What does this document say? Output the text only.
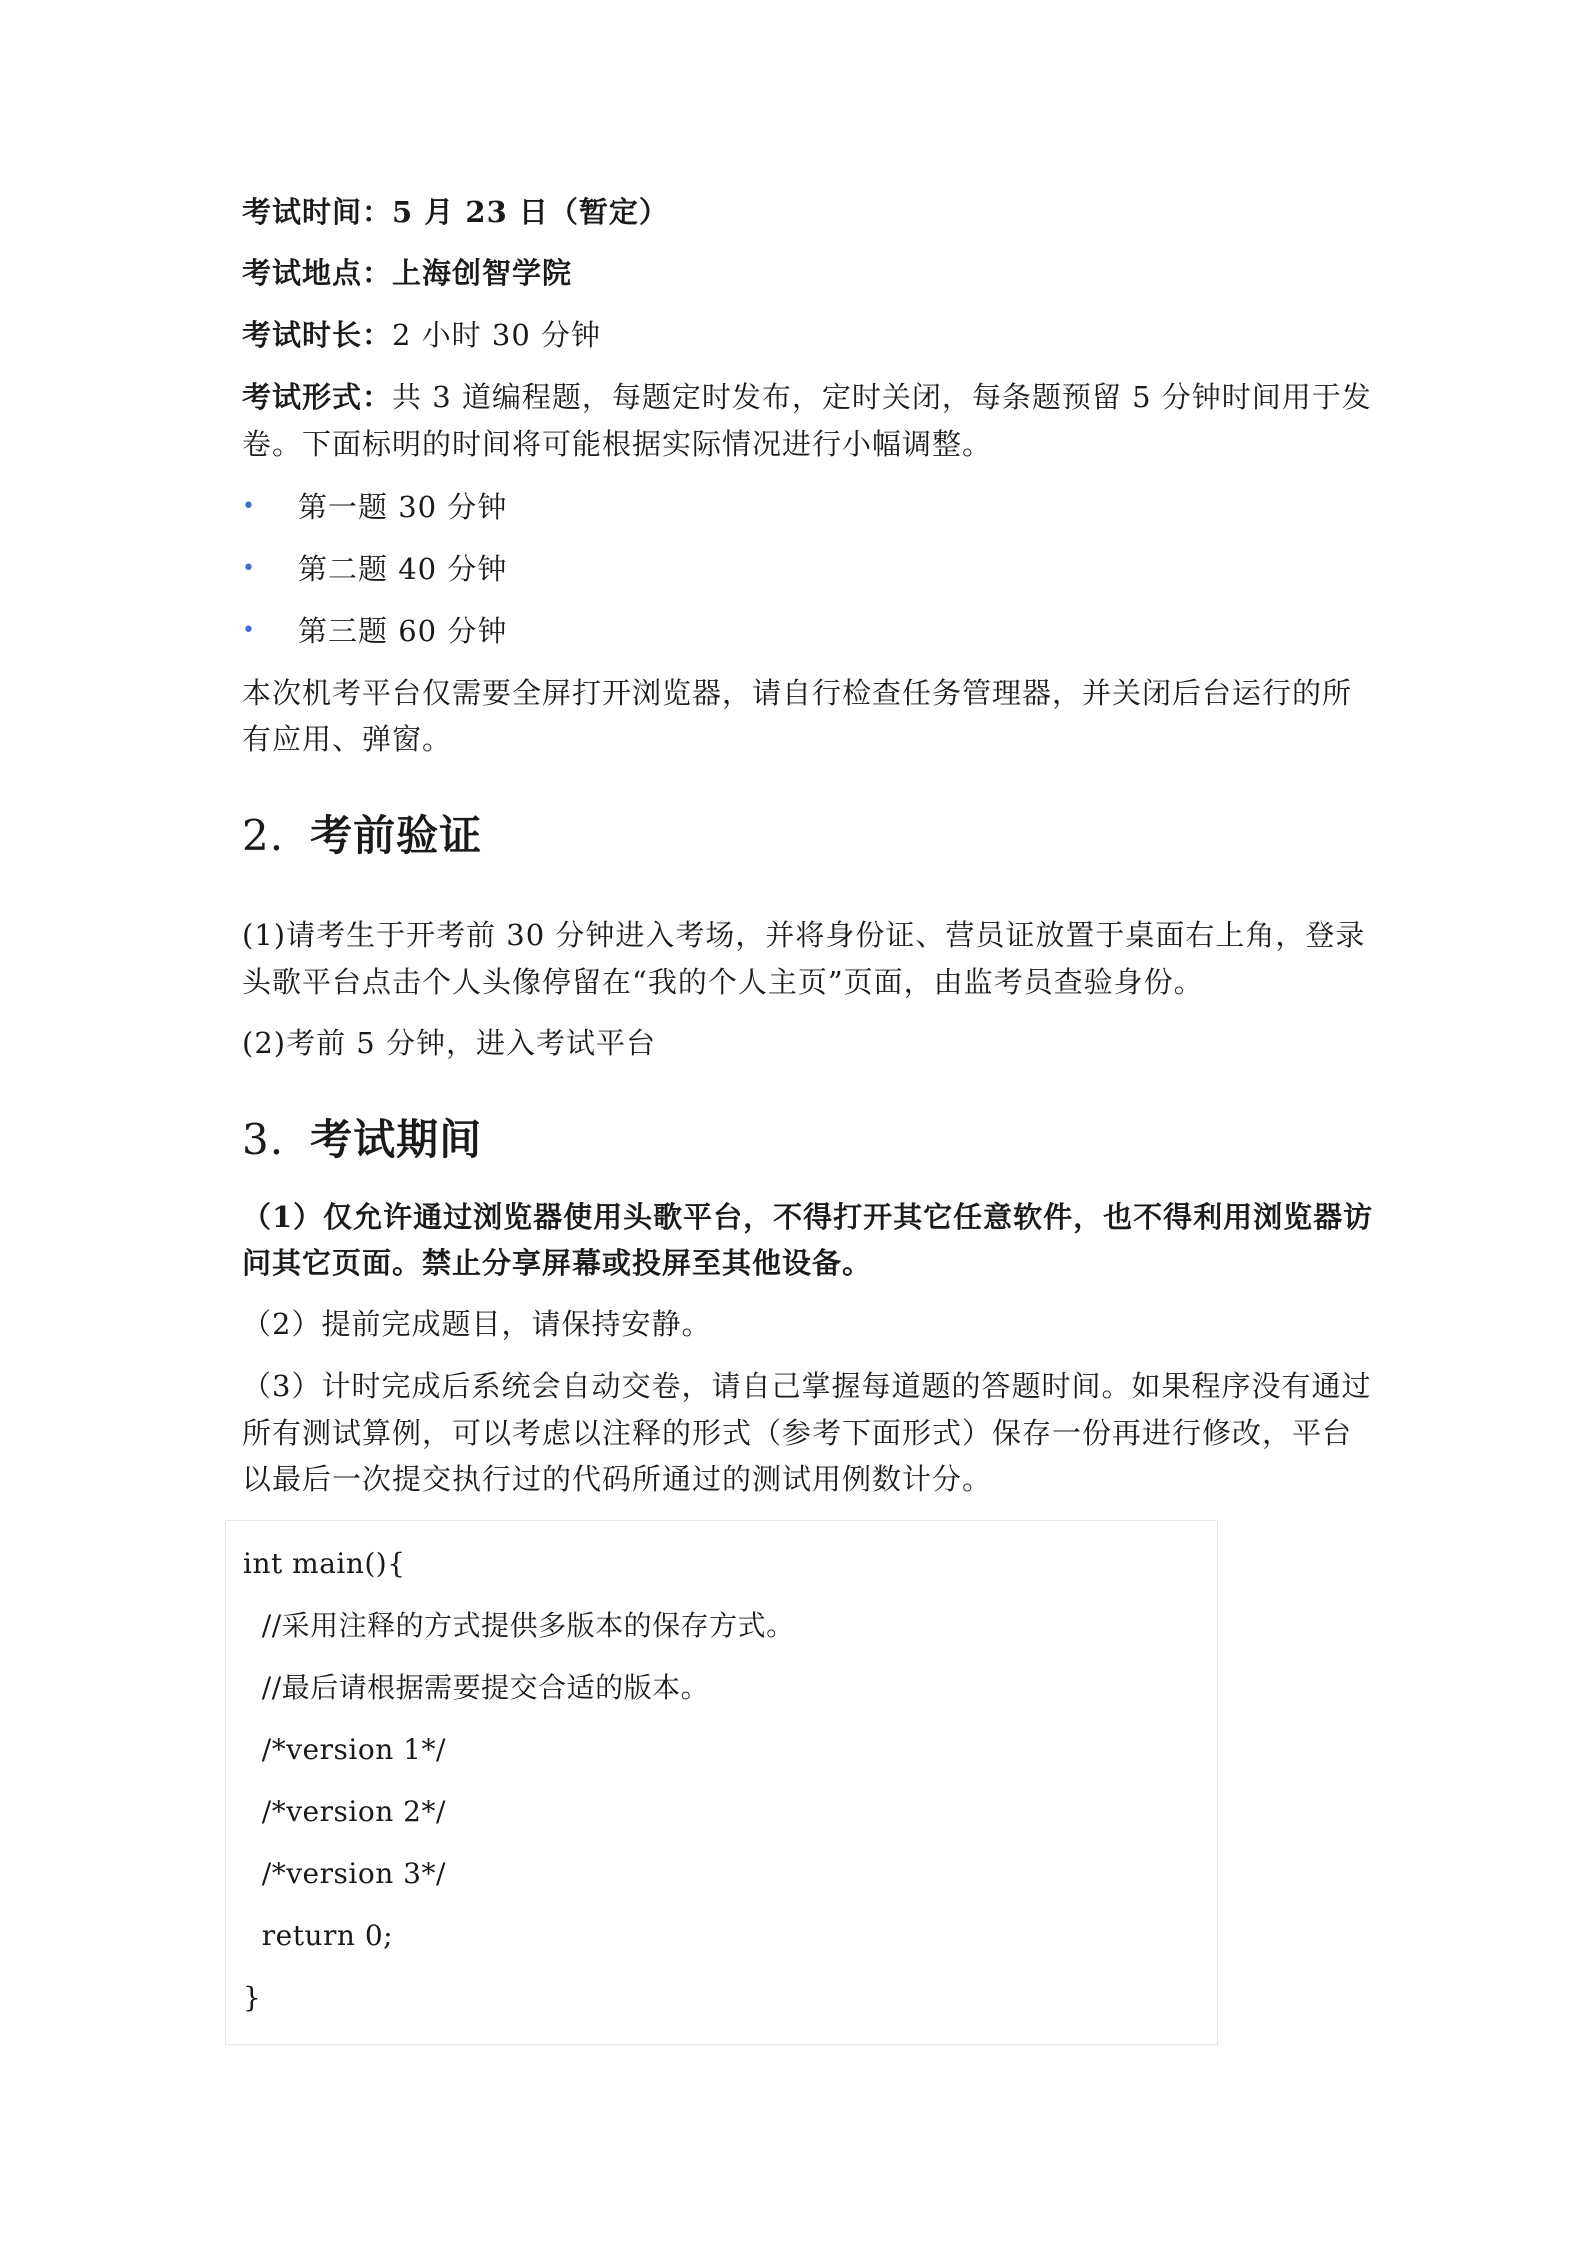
考试时间：5 月 23 日（暂定）
考试地点：上海创智学院
考试时长：2 小时 30 分钟
考试形式：共 3 道编程题，每题定时发布，定时关闭，每条题预留 5 分钟时间用于发
卷。下面标明的时间将可能根据实际情况进行小幅调整。
• 第一题 30 分钟
• 第二题 40 分钟
• 第三题 60 分钟
本次机考平台仅需要全屏打开浏览器，请自行检查任务管理器，并关闭后台运行的所
有应用、弹窗。
2. 考前验证
(1)请考生于开考前 30 分钟进入考场，并将身份证、营员证放置于桌面右上角，登录
头歌平台点击个人头像停留在“我的个人主页”页面，由监考员查验身份。
(2)考前 5 分钟，进入考试平台
3. 考试期间
（1）仅允许通过浏览器使用头歌平台，不得打开其它任意软件，也不得利用浏览器访
问其它页面。禁止分享屏幕或投屏至其他设备。
（2）提前完成题目，请保持安静。
（3）计时完成后系统会自动交卷，请自己掌握每道题的答题时间。如果程序没有通过
所有测试算例，可以考虑以注释的形式（参考下面形式）保存一份再进行修改，平台
以最后一次提交执行过的代码所通过的测试用例数计分。
int main(){
//采用注释的方式提供多版本的保存方式。
//最后请根据需要提交合适的版本。
/*version 1*/
/*version 2*/
/*version 3*/
return 0;
}
